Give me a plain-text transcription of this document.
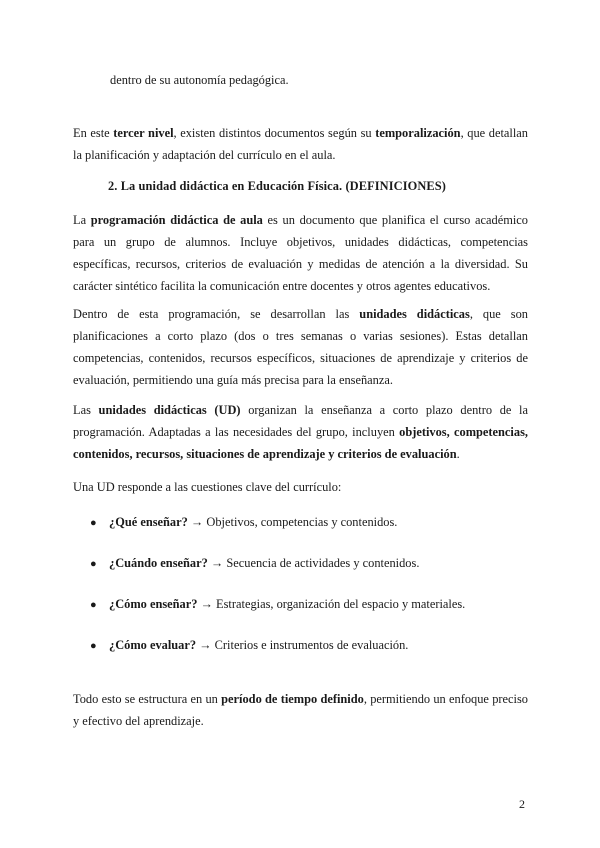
dentro de su autonomía pedagógica.

En este tercer nivel, existen distintos documentos según su temporalización, que detallan la planificación y adaptación del currículo en el aula.

2. La unidad didáctica en Educación Física. (DEFINICIONES)

La programación didáctica de aula es un documento que planifica el curso académico para un grupo de alumnos. Incluye objetivos, unidades didácticas, competencias específicas, recursos, criterios de evaluación y medidas de atención a la diversidad. Su carácter sintético facilita la comunicación entre docentes y otros agentes educativos.

Dentro de esta programación, se desarrollan las unidades didácticas, que son planificaciones a corto plazo (dos o tres semanas o varias sesiones). Estas detallan competencias, contenidos, recursos específicos, situaciones de aprendizaje y criterios de evaluación, permitiendo una guía más precisa para la enseñanza.

Las unidades didácticas (UD) organizan la enseñanza a corto plazo dentro de la programación. Adaptadas a las necesidades del grupo, incluyen objetivos, competencias, contenidos, recursos, situaciones de aprendizaje y criterios de evaluación.

Una UD responde a las cuestiones clave del currículo:

● ¿Qué enseñar? → Objetivos, competencias y contenidos.

● ¿Cuándo enseñar? → Secuencia de actividades y contenidos.

● ¿Cómo enseñar? → Estrategias, organización del espacio y materiales.

● ¿Cómo evaluar? → Criterios e instrumentos de evaluación.

Todo esto se estructura en un período de tiempo definido, permitiendo un enfoque preciso y efectivo del aprendizaje.

2
